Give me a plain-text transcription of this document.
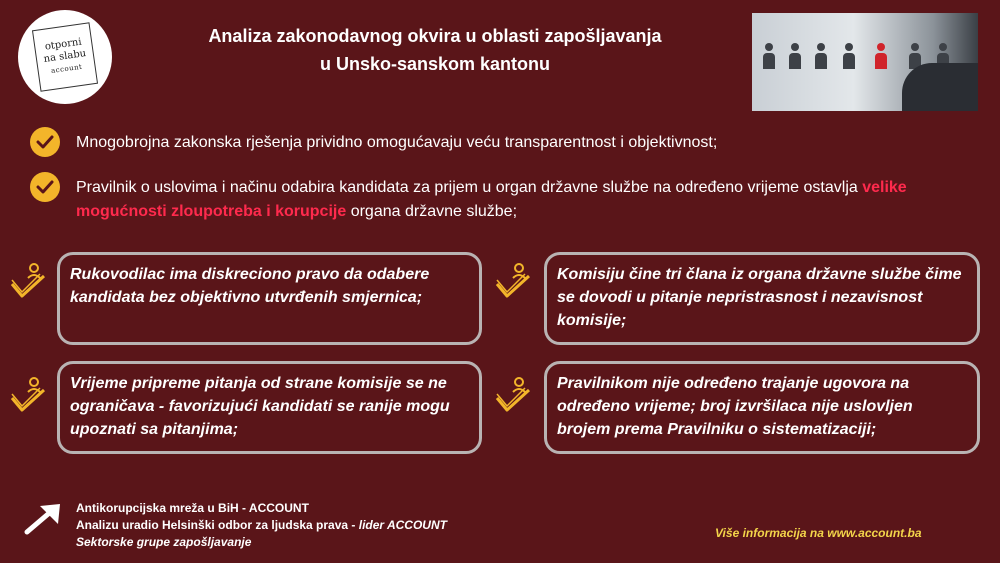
otporni
na slabu
account
Analiza zakonodavnog okvira u oblasti zapošljavanja
u Unsko-sanskom kantonu
Mnogobrojna zakonska rješenja prividno omogućavaju veću transparentnost i objektivnost;
Pravilnik o uslovima i načinu odabira kandidata za prijem u organ državne službe na određeno vrijeme ostavlja velike mogućnosti zloupotreba i korupcije organa državne službe;
Rukovodilac ima diskreciono pravo da odabere kandidata bez objektivno utvrđenih smjernica;
Komisiju čine tri člana iz organa državne službe čime se dovodi u pitanje nepristrasnost i nezavisnost komisije;
Vrijeme pripreme pitanja od strane komisije se ne ograničava - favorizujući kandidati se ranije mogu upoznati sa pitanjima;
Pravilnikom nije određeno trajanje ugovora na određeno vrijeme; broj izvršilaca nije uslovljen brojem prema Pravilniku o sistematizaciji;
Antikorupcijska mreža u BiH - ACCOUNT
Analizu uradio Helsinški odbor za ljudska prava - lider ACCOUNT
Sektorske grupe zapošljavanje
Više informacija na www.account.ba
